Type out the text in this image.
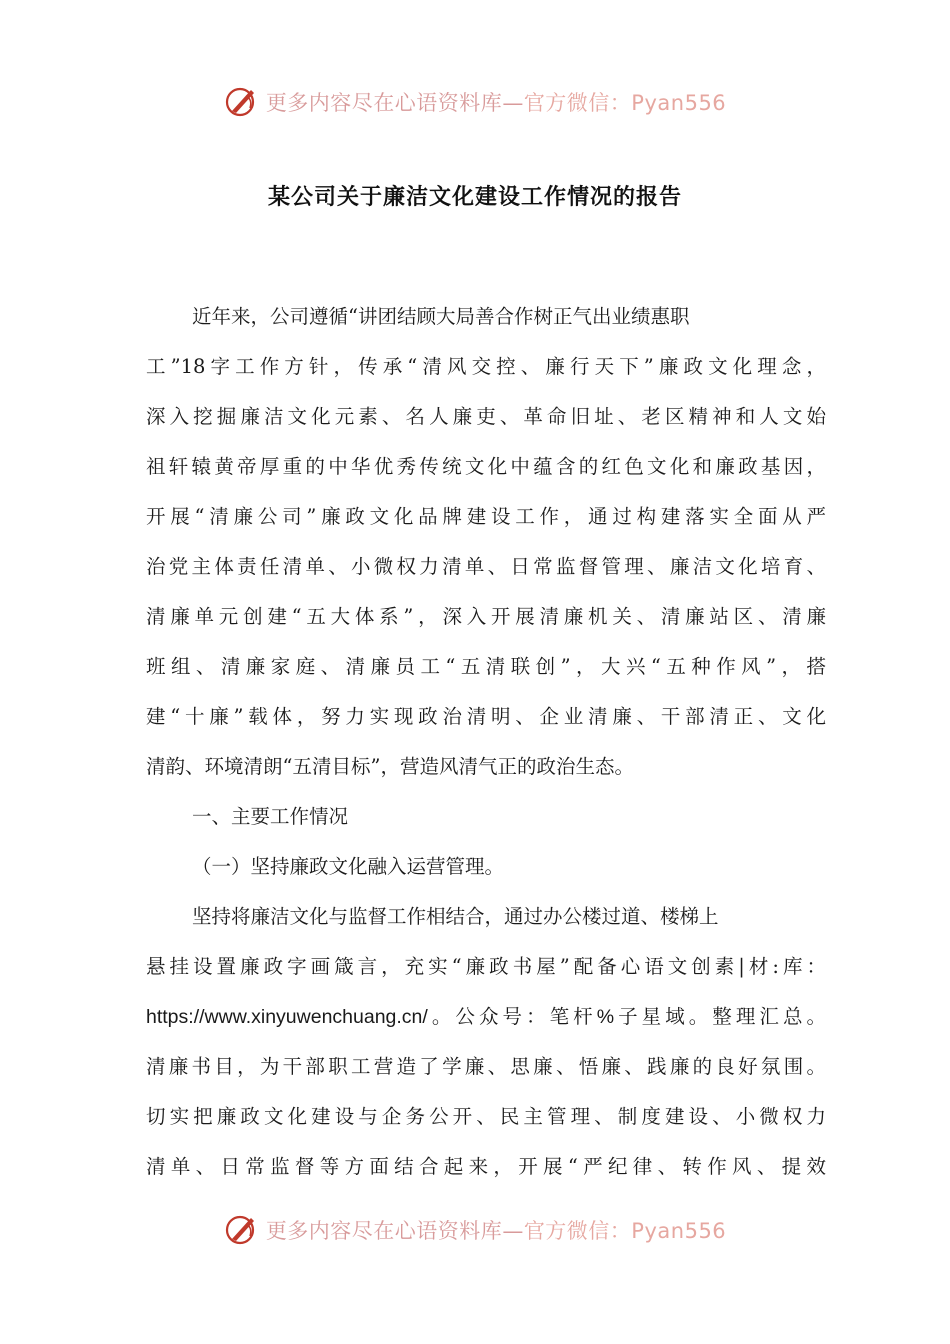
更多内容尽在心语资料库—官方微信：Pyan556
某公司关于廉洁文化建设工作情况的报告
近年来，公司遵循“讲团结顾大局善合作树正气出业绩惠职
工”18字工作方针，传承“清风交控、廉行天下”廉政文化理念，
深入挖掘廉洁文化元素、名人廉吏、革命旧址、老区精神和人文始
祖轩辕黄帝厚重的中华优秀传统文化中蕴含的红色文化和廉政基因，
开展“清廉公司”廉政文化品牌建设工作，通过构建落实全面从严
治党主体责任清单、小微权力清单、日常监督管理、廉洁文化培育、
清廉单元创建“五大体系”，深入开展清廉机关、清廉站区、清廉
班组、清廉家庭、清廉员工“五清联创”，大兴“五种作风”，搭
建“十廉”载体，努力实现政治清明、企业清廉、干部清正、文化
清韵、环境清朗“五清目标”，营造风清气正的政治生态。
一、主要工作情况
（一）坚持廉政文化融入运营管理。
坚持将廉洁文化与监督工作相结合，通过办公楼过道、楼梯上
悬挂设置廉政字画箴言，充实“廉政书屋”配备心语文创素|材:库：
https://www.xinyuwenchuang.cn/。公众号：笔杆%子星域。整理汇总。
清廉书目，为干部职工营造了学廉、思廉、悟廉、践廉的良好氛围。
切实把廉政文化建设与企务公开、民主管理、制度建设、小微权力
清单、日常监督等方面结合起来，开展“严纪律、转作风、提效
更多内容尽在心语资料库—官方微信：Pyan556
